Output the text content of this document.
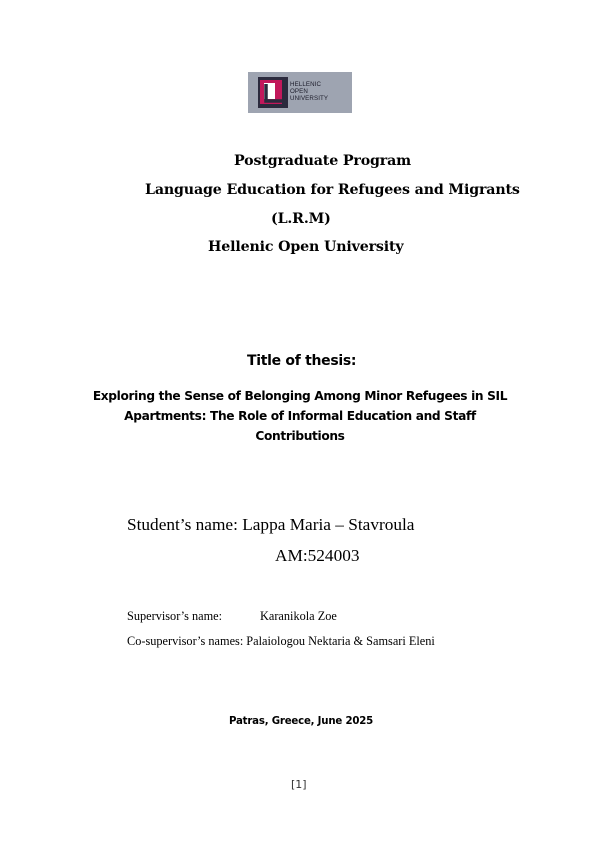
HELLENIC
OPEN
UNIVERSITY
Postgraduate Program
Language Education for Refugees and Migrants
(L.R.M)
Hellenic Open University
Title of thesis:
Exploring the Sense of Belonging Among Minor Refugees in SIL
Apartments: The Role of Informal Education and Staff
Contributions
Student’s name: Lappa Maria – Stavroula
AM:524003
Supervisor’s name:	Karanikola Zoe
Co-supervisor’s names: Palaiologou Nektaria & Samsari Eleni
Patras, Greece, June 2025
[1]
